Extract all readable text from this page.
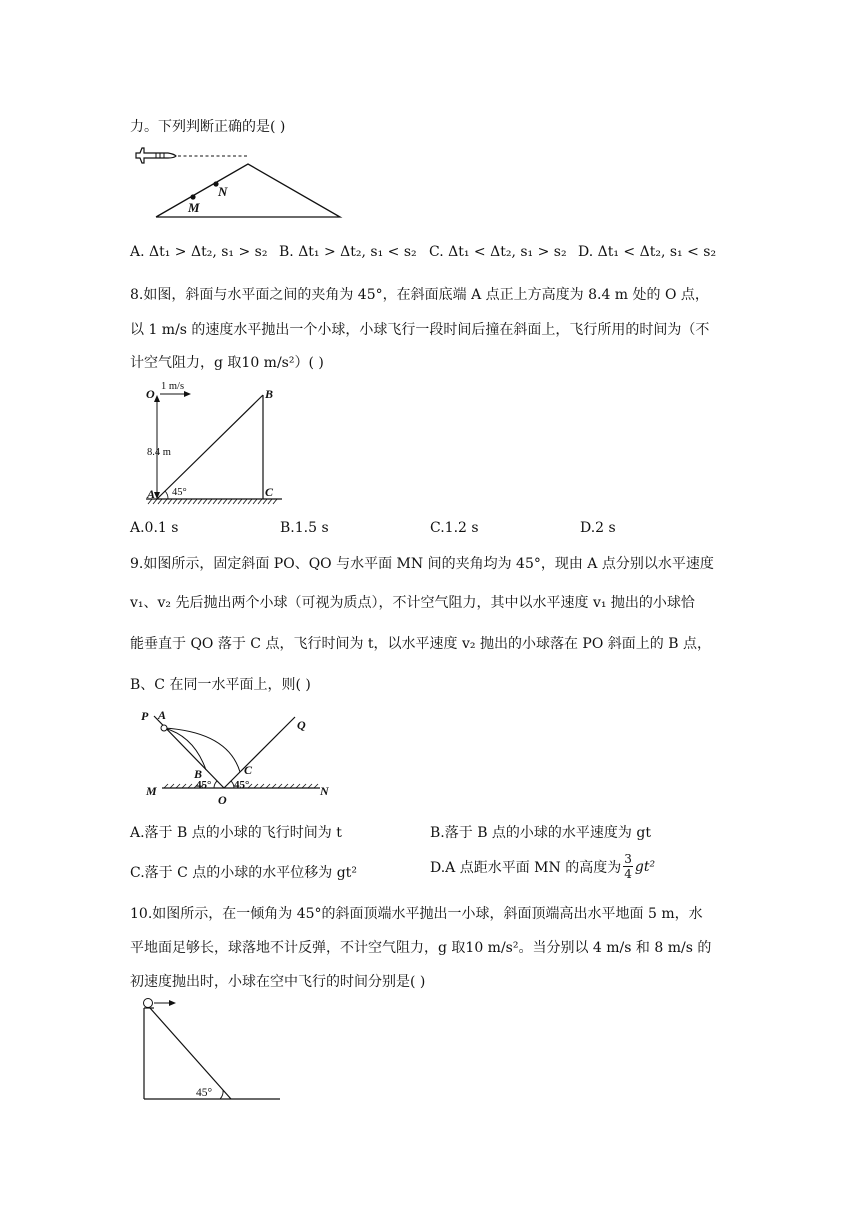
力。下列判断正确的是( )
M
N
A. Δt₁ > Δt₂, s₁ > s₂ B. Δt₁ > Δt₂, s₁ < s₂ C. Δt₁ < Δt₂, s₁ > s₂ D. Δt₁ < Δt₂, s₁ < s₂
8.如图，斜面与水平面之间的夹角为 45°，在斜面底端 A 点正上方高度为 8.4 m 处的 O 点，
以 1 m/s 的速度水平抛出一个小球，小球飞行一段时间后撞在斜面上，飞行所用的时间为（不
计空气阻力，g 取10 m/s²）( )
O
1 m/s
8.4 m
A 45°
B
C
A.0.1 s	B.1.5 s	C.1.2 s	D.2 s
9.如图所示，固定斜面 PO、QO 与水平面 MN 间的夹角均为 45°，现由 A 点分别以水平速度
v₁、v₂ 先后抛出两个小球（可视为质点），不计空气阻力，其中以水平速度 v₁ 抛出的小球恰
能垂直于 QO 落于 C 点，飞行时间为 t，以水平速度 v₂ 抛出的小球落在 PO 斜面上的 B 点，
B、C 在同一水平面上，则( )
P A
Q
B	C
45° 45°
M
O
N
A.落于 B 点的小球的飞行时间为 t	B.落于 B 点的小球的水平速度为 gt
C.落于 C 点的小球的水平位移为 gt²	D.A 点距水平面 MN 的高度为 $\frac{3}{4} gt^2$
10.如图所示，在一倾角为 45°的斜面顶端水平抛出一小球，斜面顶端高出水平地面 5 m，水
平地面足够长，球落地不计反弹，不计空气阻力，g 取10 m/s²。当分别以 4 m/s 和 8 m/s 的
初速度抛出时，小球在空中飞行的时间分别是( )
45°
